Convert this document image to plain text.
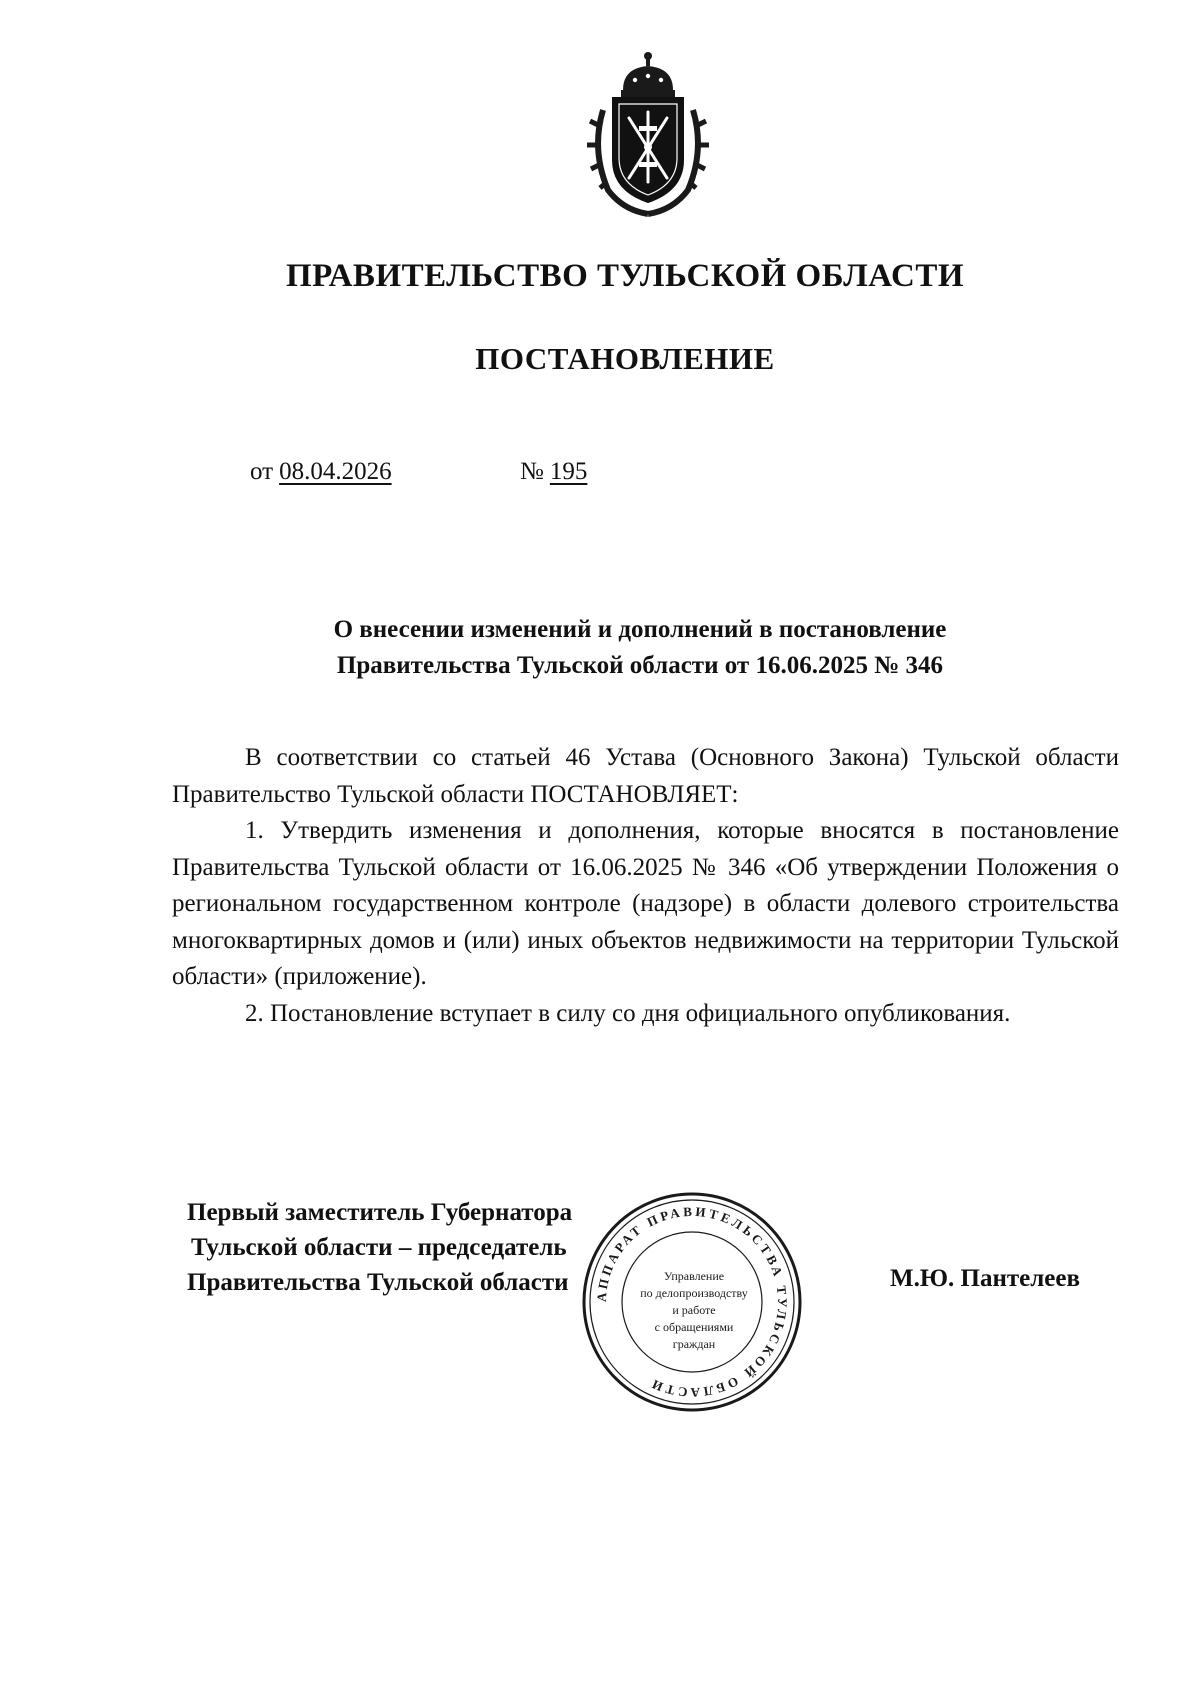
ПРАВИТЕЛЬСТВО ТУЛЬСКОЙ ОБЛАСТИ
ПОСТАНОВЛЕНИЕ
от 08.04.2026	№ 195
О внесении изменений и дополнений в постановление
Правительства Тульской области от 16.06.2025 № 346

В соответствии со статьей 46 Устава (Основного Закона) Тульской области Правительство Тульской области ПОСТАНОВЛЯЕТ:

1. Утвердить изменения и дополнения, которые вносятся в постановление Правительства Тульской области от 16.06.2025 № 346 «Об утверждении Положения о региональном государственном контроле (надзоре) в области долевого строительства многоквартирных домов и (или) иных объектов недвижимости на территории Тульской области» (приложение).

2. Постановление вступает в силу со дня официального опубликования.

Первый заместитель Губернатора
Тульской области – председатель
Правительства Тульской области АППАРАТ ПРАВИТЕЛЬСТВА ТУЛЬСКОЙ ОБЛАСТИ
Управление
по делопроизводству
и работе
с обращениями
граждан
М.Ю. Пантелеев
